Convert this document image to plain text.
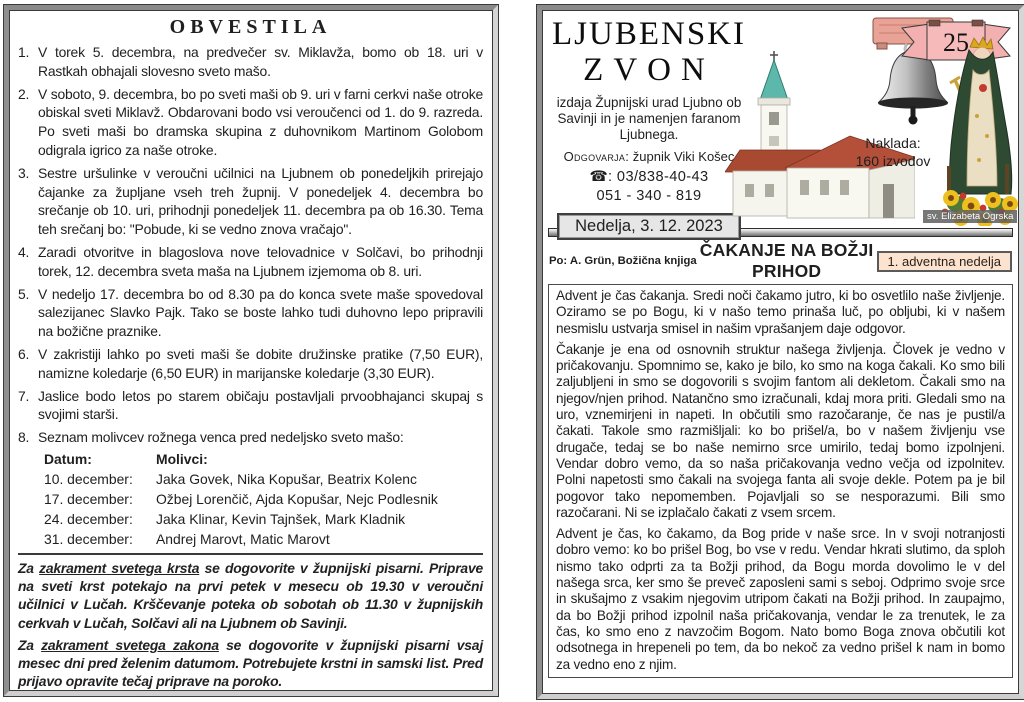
OBVESTILA
1. V torek 5. decembra, na predvečer sv. Miklavža, bomo ob 18. uri v Rastkah obhajali slovesno sveto mašo.
2. V soboto, 9. decembra, bo po sveti maši ob 9. uri v farni cerkvi naše otroke obiskal sveti Miklavž. Obdarovani bodo vsi veroučenci od 1. do 9. razreda. Po sveti maši bo dramska skupina z duhovnikom Martinom Golobom odigrala igrico za naše otroke.
3. Sestre uršulinke v veroučni učilnici na Ljubnem ob ponedeljkih prirejajo čajanke za župljane vseh treh župnij. V ponedeljek 4. decembra bo srečanje ob 10. uri, prihodnji ponedeljek 11. decembra pa ob 16.30. Tema teh srečanj bo: "Pobude, ki se vedno znova vračajo".
4. Zaradi otvoritve in blagoslova nove telovadnice v Solčavi, bo prihodnji torek, 12. decembra sveta maša na Ljubnem izjemoma ob 8. uri.
5. V nedeljo 17. decembra bo od 8.30 pa do konca svete maše spovedoval salezijanec Slavko Pajk. Tako se boste lahko tudi duhovno lepo pripravili na božične praznike.
6. V zakristiji lahko po sveti maši še dobite družinske pratike (7,50 EUR), namizne koledarje (6,50 EUR) in marijanske koledarje (3,30 EUR).
7. Jaslice bodo letos po starem običaju postavljali prvoobhajanci skupaj s svojimi starši.
8. Seznam molivcev rožnega venca pred nedeljsko sveto mašo:
Datum:	Molivci:
10. december:	Jaka Govek, Nika Kopušar, Beatrix Kolenc
17. december:	Ožbej Lorenčič, Ajda Kopušar, Nejc Podlesnik
24. december:	Jaka Klinar, Kevin Tajnšek, Mark Kladnik
31. december:	Andrej Marovt, Matic Marovt

Za zakrament svetega krsta se dogovorite v župnijski pisarni. Priprave na sveti krst potekajo na prvi petek v mesecu ob 19.30 v veroučni učilnici v Lučah. Krščevanje poteka ob sobotah ob 11.30 v župnijskih cerkvah v Lučah, Solčavi ali na Ljubnem ob Savinji.

Za zakrament svetega zakona se dogovorite v župnijski pisarni vsaj mesec dni pred želenim datumom. Potrebujete krstni in samski list. Pred prijavo opravite tečaj priprave na poroko.

LJUBENSKI
ZVON
izdaja Župnijski urad Ljubno ob Savinji in je namenjen faranom Ljubnega.
Odgovarja: župnik Viki Košec
☎: 03/838-40-43
051 - 340 - 819
Nedelja, 3. 12. 2023
25
Naklada:
160 izvodov
sv. Elizabeta Ogrska
Po: A. Grün, Božična knjiga
ČAKANJE NA BOŽJI PRIHOD	1. adventna nedelja

Advent je čas čakanja. Sredi noči čakamo jutro, ki bo osvetlilo naše življenje. Oziramo se po Bogu, ki v našo temo prinaša luč, po obljubi, ki v našem nesmislu ustvarja smisel in našim vprašanjem daje odgovor.

Čakanje je ena od osnovnih struktur našega življenja. Človek je vedno v pričakovanju. Spomnimo se, kako je bilo, ko smo na koga čakali. Ko smo bili zaljubljeni in smo se dogovorili s svojim fantom ali dekletom. Čakali smo na njegov/njen prihod. Natančno smo izračunali, kdaj mora priti. Gledali smo na uro, vznemirjeni in napeti. In občutili smo razočaranje, če nas je pustil/a čakati. Takole smo razmišljali: ko bo prišel/a, bo v našem življenju vse drugače, tedaj se bo naše nemirno srce umirilo, tedaj bomo izpolnjeni. Vendar dobro vemo, da so naša pričakovanja vedno večja od izpolnitev. Polni napetosti smo čakali na svojega fanta ali svoje dekle. Potem pa je bil pogovor tako nepomemben. Pojavljali so se nesporazumi. Bili smo razočarani. Ni se izplačalo čakati z vsem srcem.

Advent je čas, ko čakamo, da Bog pride v naše srce. In v svoji notranjosti dobro vemo: ko bo prišel Bog, bo vse v redu. Vendar hkrati slutimo, da sploh nismo tako odprti za ta Božji prihod, da Bogu morda dovolimo le v del našega srca, ker smo še preveč zaposleni sami s seboj. Odprimo svoje srce in skušajmo z vsakim njegovim utripom čakati na Božji prihod. In zaupajmo, da bo Božji prihod izpolnil naša pričakovanja, vendar le za trenutek, le za čas, ko smo eno z navzočim Bogom. Nato bomo Boga znova občutili kot odsotnega in hrepeneli po tem, da bo nekoč za vedno prišel k nam in bomo za vedno eno z njim.
